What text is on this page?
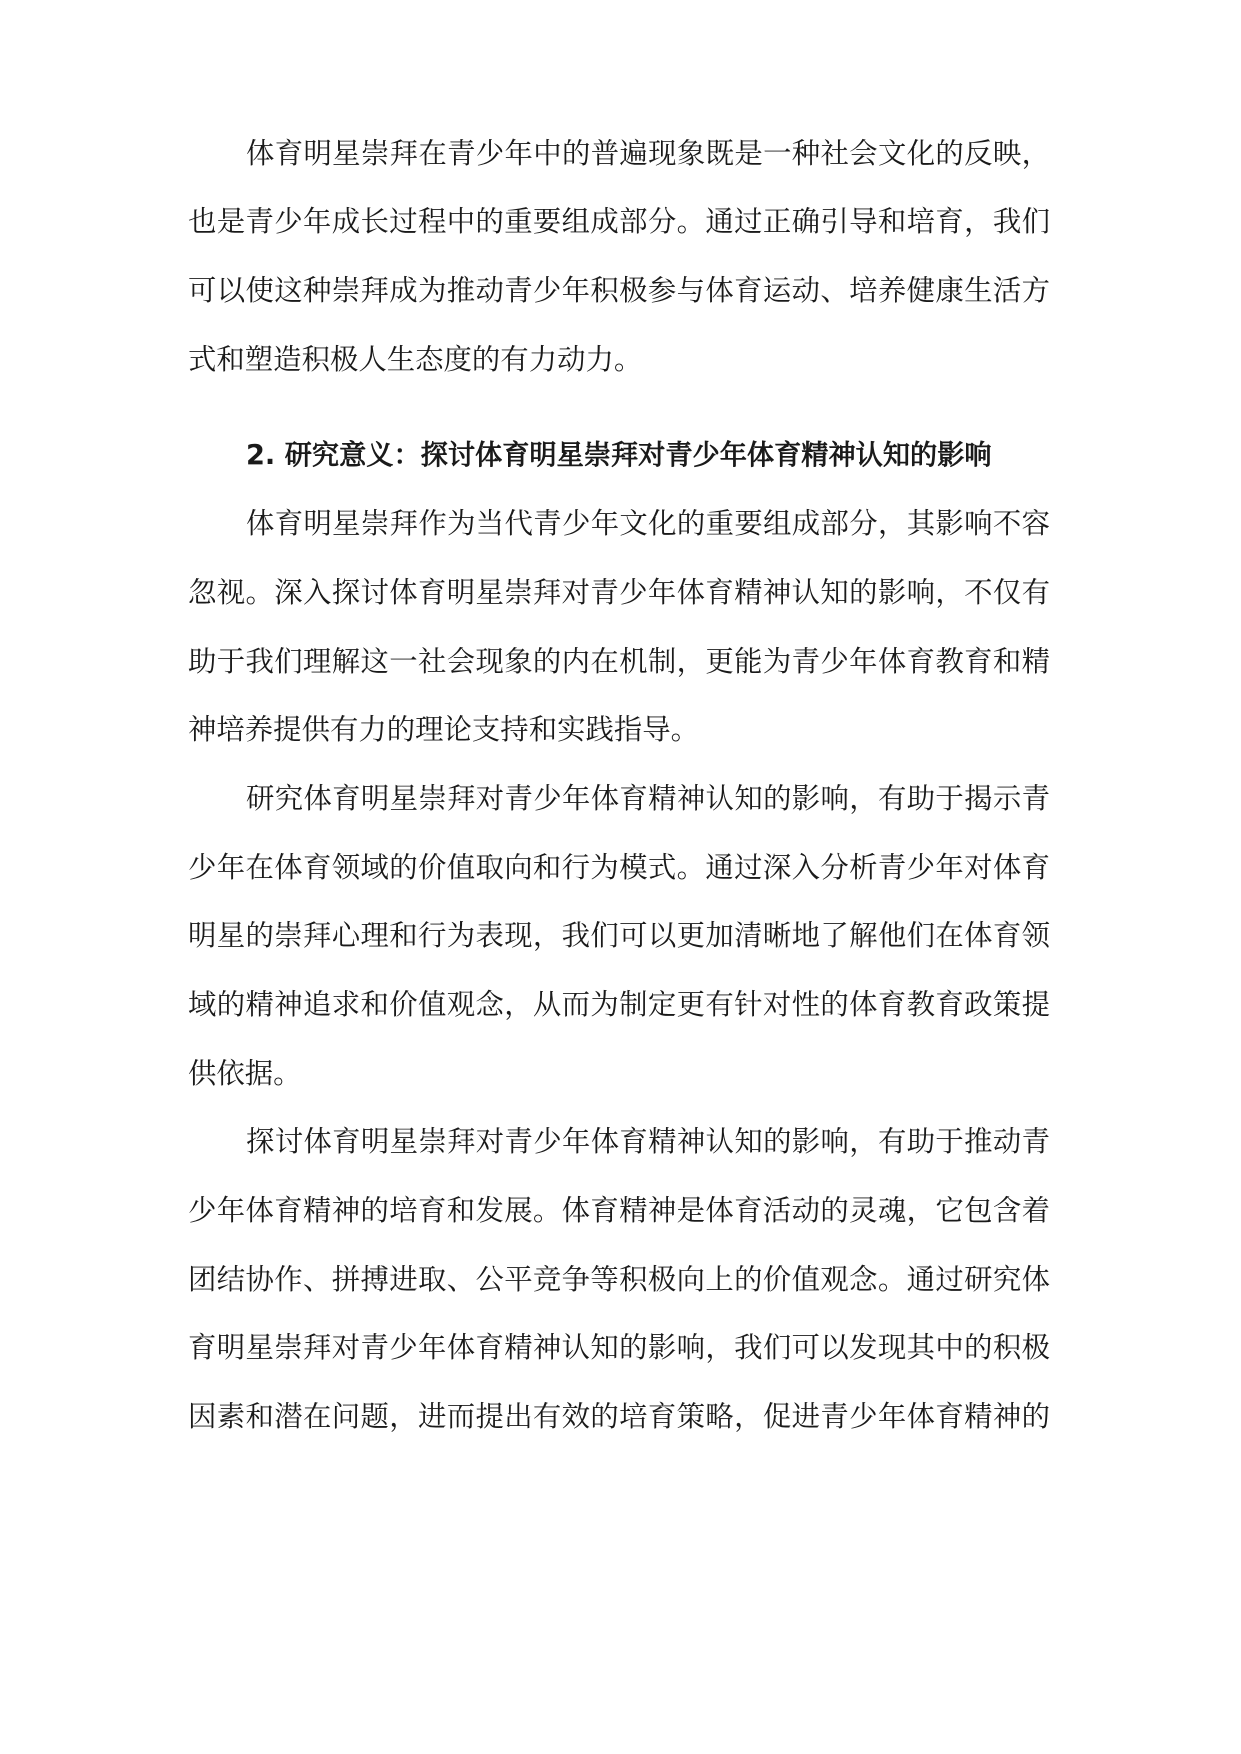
体育明星崇拜在青少年中的普遍现象既是一种社会文化的反映，
也是青少年成长过程中的重要组成部分。通过正确引导和培育，我们
可以使这种崇拜成为推动青少年积极参与体育运动、培养健康生活方
式和塑造积极人生态度的有力动力。
2. 研究意义：探讨体育明星崇拜对青少年体育精神认知的影响
体育明星崇拜作为当代青少年文化的重要组成部分，其影响不容
忽视。深入探讨体育明星崇拜对青少年体育精神认知的影响，不仅有
助于我们理解这一社会现象的内在机制，更能为青少年体育教育和精
神培养提供有力的理论支持和实践指导。
研究体育明星崇拜对青少年体育精神认知的影响，有助于揭示青
少年在体育领域的价值取向和行为模式。通过深入分析青少年对体育
明星的崇拜心理和行为表现，我们可以更加清晰地了解他们在体育领
域的精神追求和价值观念，从而为制定更有针对性的体育教育政策提
供依据。
探讨体育明星崇拜对青少年体育精神认知的影响，有助于推动青
少年体育精神的培育和发展。体育精神是体育活动的灵魂，它包含着
团结协作、拼搏进取、公平竞争等积极向上的价值观念。通过研究体
育明星崇拜对青少年体育精神认知的影响，我们可以发现其中的积极
因素和潜在问题，进而提出有效的培育策略，促进青少年体育精神的
